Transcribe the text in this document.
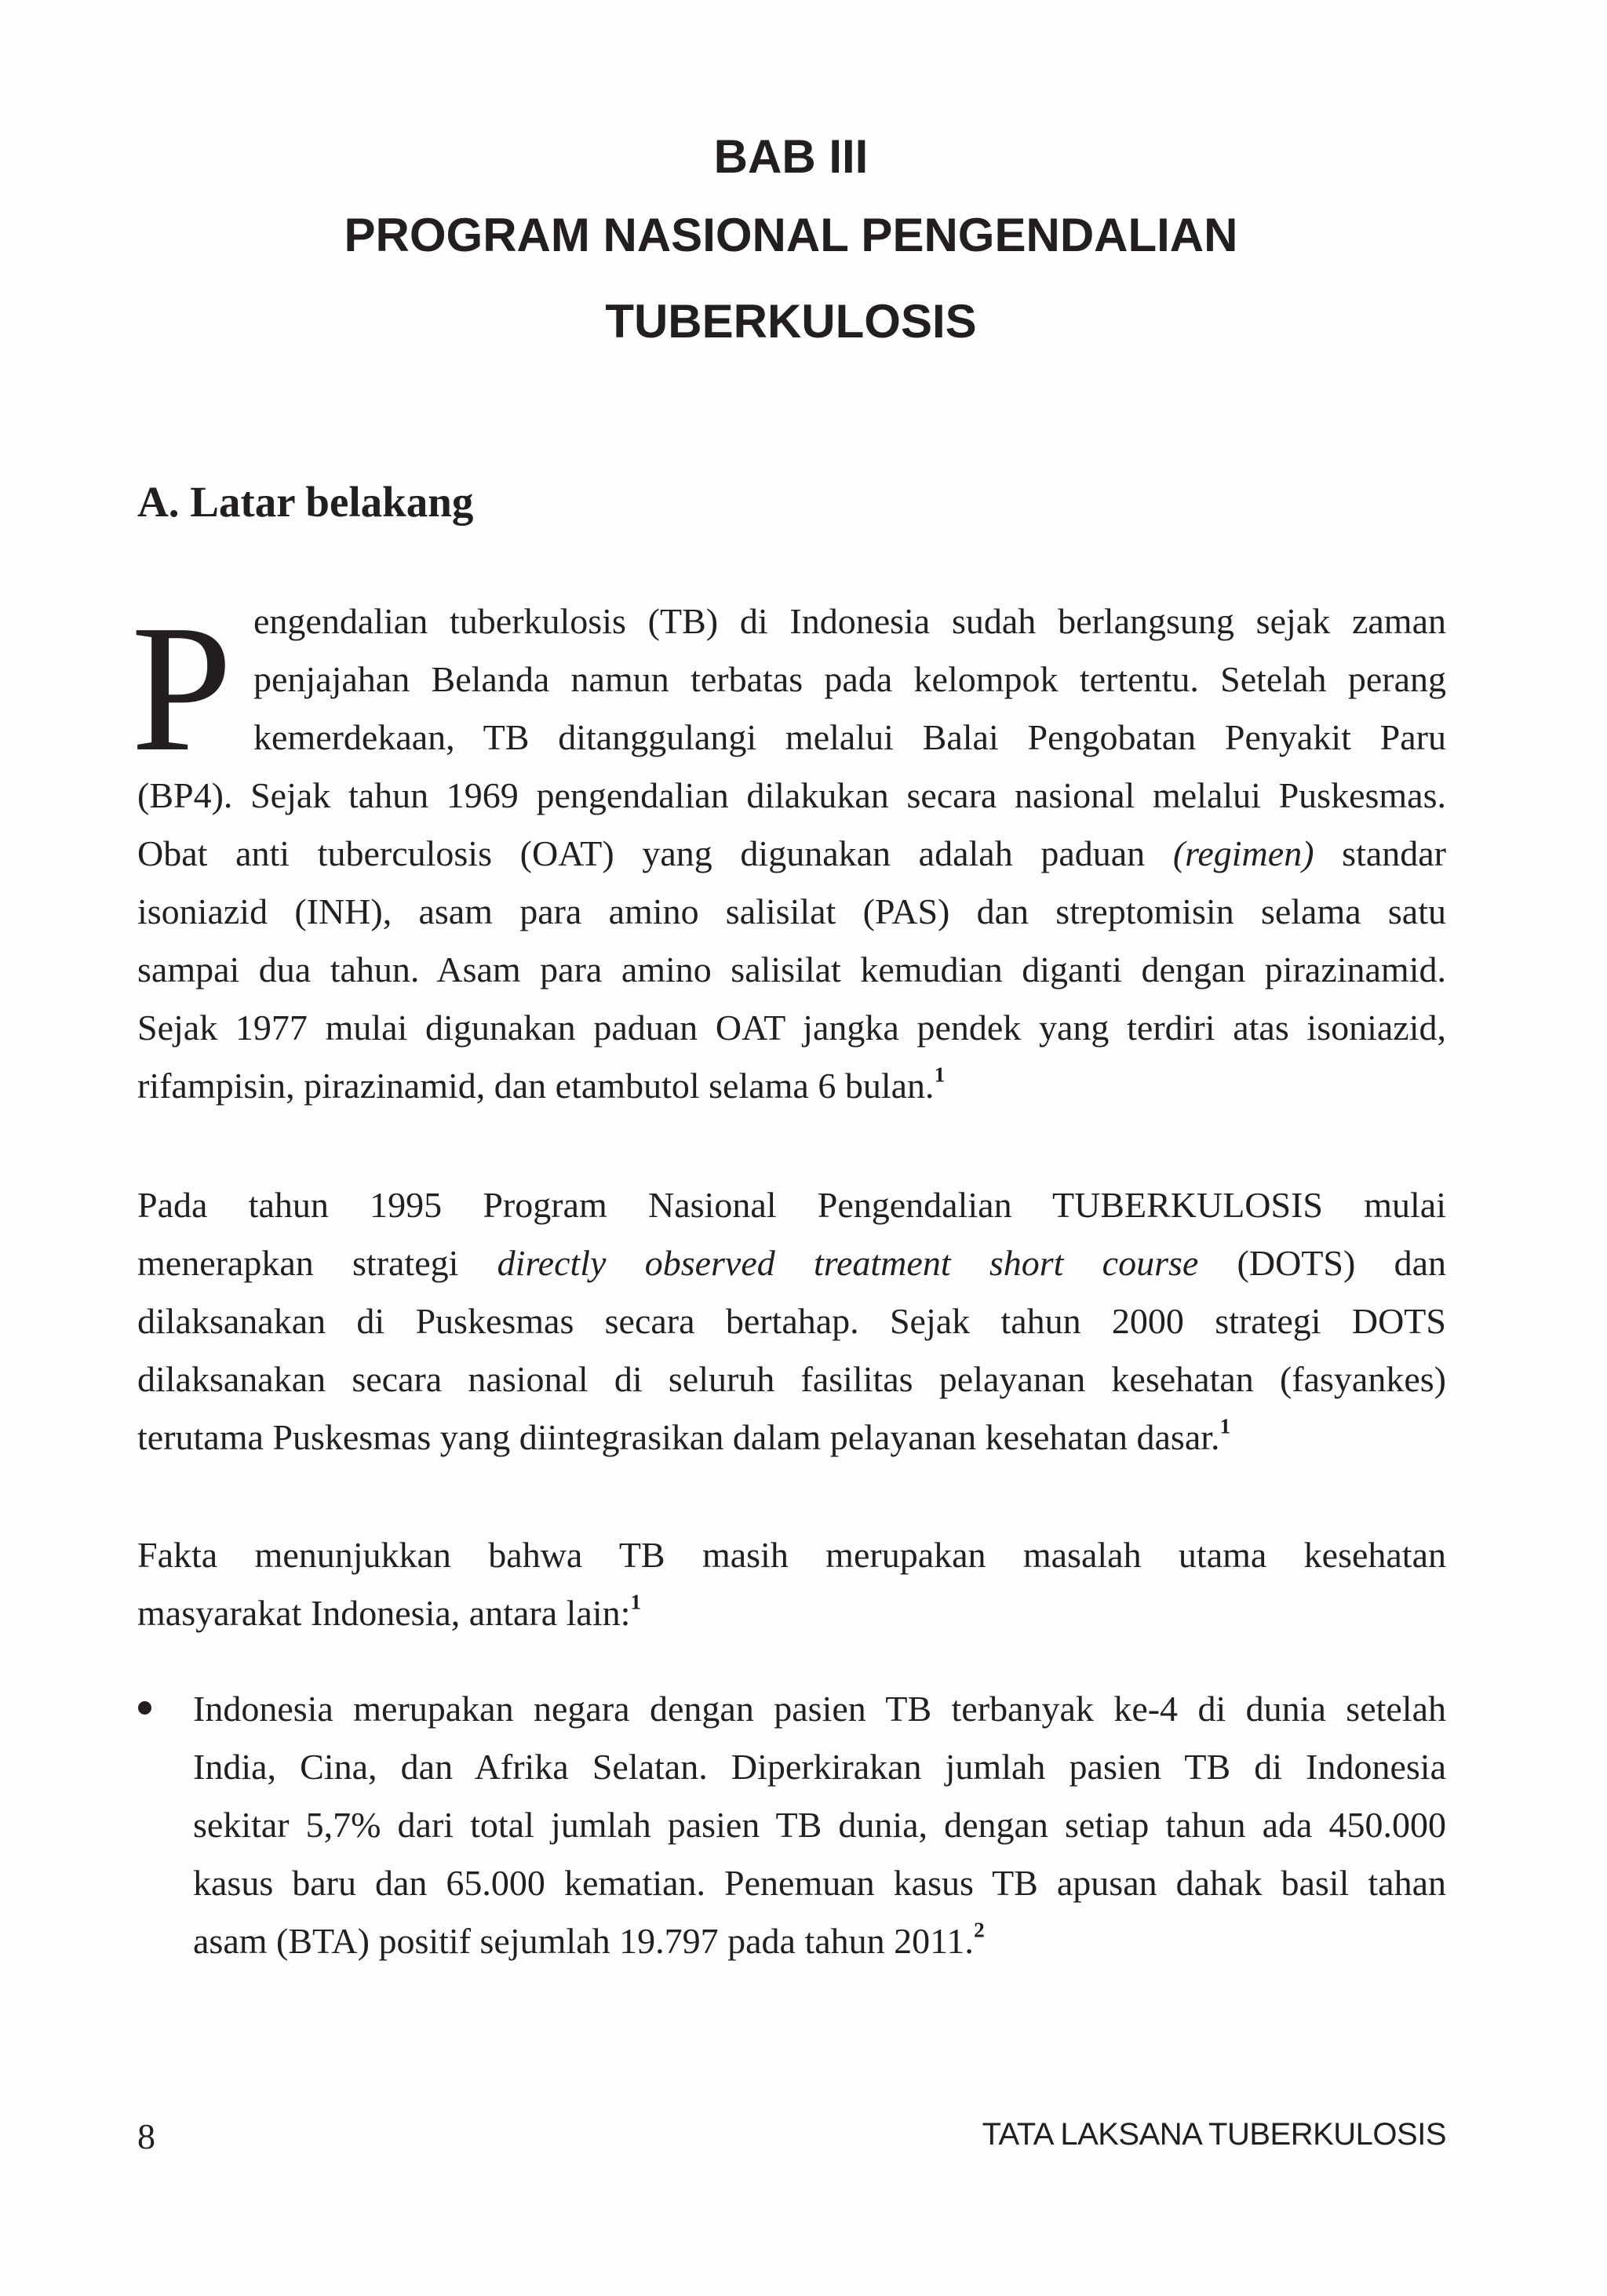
BAB III
PROGRAM NASIONAL PENGENDALIAN
TUBERKULOSIS
A. Latar belakang
P engendalian tuberkulosis (TB) di Indonesia sudah berlangsung sejak zaman
penjajahan Belanda namun terbatas pada kelompok tertentu. Setelah perang
kemerdekaan, TB ditanggulangi melalui Balai Pengobatan Penyakit Paru
(BP4). Sejak tahun 1969 pengendalian dilakukan secara nasional melalui Puskesmas.
Obat anti tuberculosis (OAT) yang digunakan adalah paduan (regimen) standar
isoniazid (INH), asam para amino salisilat (PAS) dan streptomisin selama satu
sampai dua tahun. Asam para amino salisilat kemudian diganti dengan pirazinamid.
Sejak 1977 mulai digunakan paduan OAT jangka pendek yang terdiri atas isoniazid,
rifampisin, pirazinamid, dan etambutol selama 6 bulan.$^1$
Pada tahun 1995 Program Nasional Pengendalian TUBERKULOSIS mulai
menerapkan strategi directly observed treatment short course (DOTS) dan
dilaksanakan di Puskesmas secara bertahap. Sejak tahun 2000 strategi DOTS
dilaksanakan secara nasional di seluruh fasilitas pelayanan kesehatan (fasyankes)
terutama Puskesmas yang diintegrasikan dalam pelayanan kesehatan dasar.$^1$
Fakta menunjukkan bahwa TB masih merupakan masalah utama kesehatan
masyarakat Indonesia, antara lain:$^1$
Indonesia merupakan negara dengan pasien TB terbanyak ke-4 di dunia setelah
India, Cina, dan Afrika Selatan. Diperkirakan jumlah pasien TB di Indonesia
sekitar 5,7% dari total jumlah pasien TB dunia, dengan setiap tahun ada 450.000
kasus baru dan 65.000 kematian. Penemuan kasus TB apusan dahak basil tahan
asam (BTA) positif sejumlah 19.797 pada tahun 2011.$^2$
8	TATA LAKSANA TUBERKULOSIS
